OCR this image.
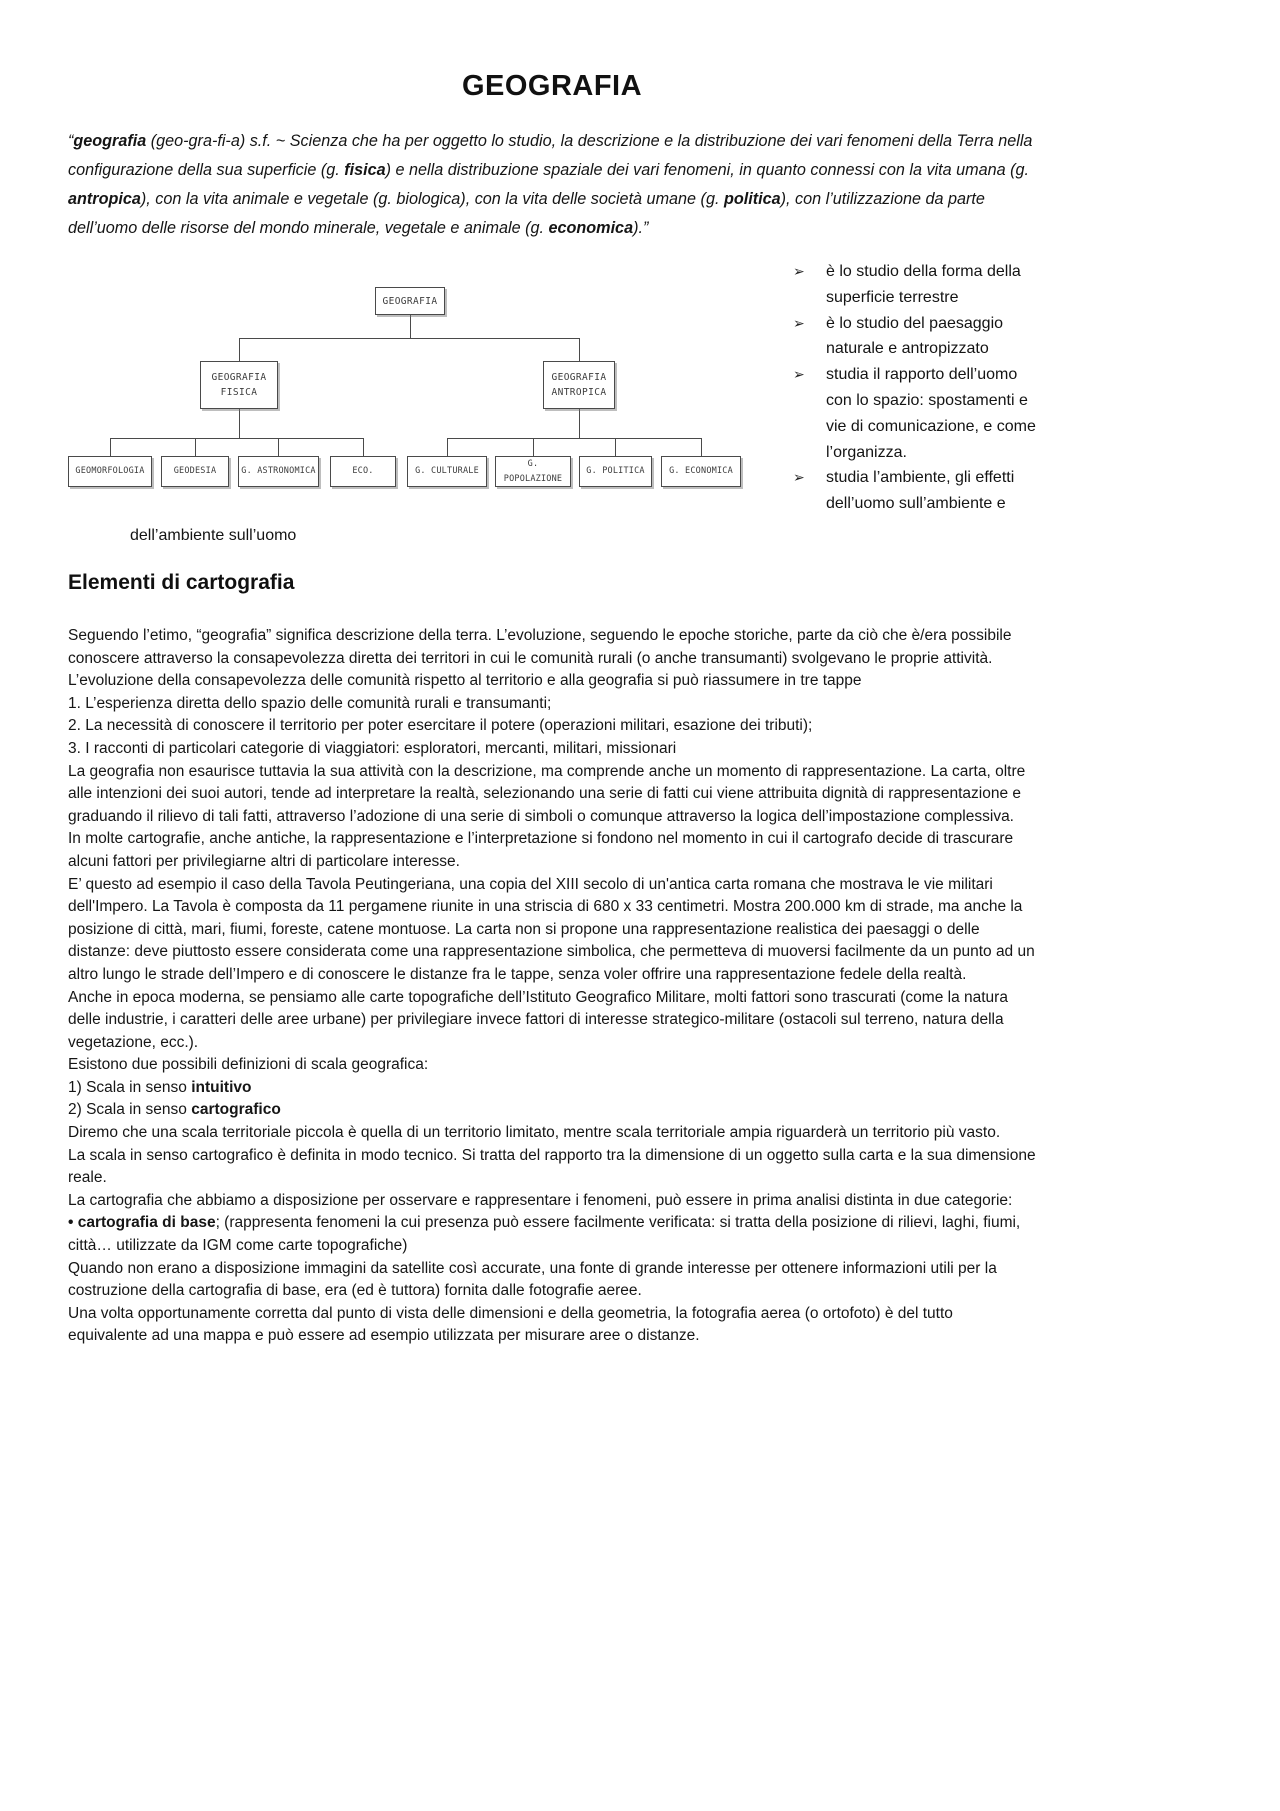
GEOGRAFIA

“geografia (geo-gra-fi-a) s.f. ~ Scienza che ha per oggetto lo studio, la descrizione e la distribuzione dei vari fenomeni della Terra nella configurazione della sua superficie (g. fisica) e nella distribuzione spaziale dei vari fenomeni, in quanto connessi con la vita umana (g. antropica), con la vita animale e vegetale (g. biologica), con la vita delle società umane (g. politica), con l’utilizzazione da parte dell’uomo delle risorse del mondo minerale, vegetale e animale (g. economica).”

GEOGRAFIA
GEOGRAFIA
FISICA
GEOGRAFIA
ANTROPICA
GEOMORFOLOGIA	GEODESIA	G. ASTRONOMICA	ECO.	G. CULTURALE
G. POPOLAZIONE
G. POLITICA	G. ECONOMICA
➢	è lo studio della forma della superficie terrestre
➢	è lo studio del paesaggio naturale e antropizzato
➢	studia il rapporto dell’uomo con lo spazio: spostamenti e vie di comunicazione, e come l’organizza.
➢	studia l’ambiente, gli effetti dell’uomo sull’ambiente e

dell’ambiente sull’uomo

Elementi di cartografia

Seguendo l’etimo, “geografia” significa descrizione della terra. L’evoluzione, seguendo le epoche storiche, parte da ciò che è/era possibile conoscere attraverso la consapevolezza diretta dei territori in cui le comunità rurali (o anche transumanti) svolgevano le proprie attività.

L’evoluzione della consapevolezza delle comunità rispetto al territorio e alla geografia si può riassumere in tre tappe

1. L’esperienza diretta dello spazio delle comunità rurali e transumanti;

2. La necessità di conoscere il territorio per poter esercitare il potere (operazioni militari, esazione dei tributi);

3. I racconti di particolari categorie di viaggiatori: esploratori, mercanti, militari, missionari

La geografia non esaurisce tuttavia la sua attività con la descrizione, ma comprende anche un momento di rappresentazione. La carta, oltre alle intenzioni dei suoi autori, tende ad interpretare la realtà, selezionando una serie di fatti cui viene attribuita dignità di rappresentazione e graduando il rilievo di tali fatti, attraverso l’adozione di una serie di simboli o comunque attraverso la logica dell’impostazione complessiva.

In molte cartografie, anche antiche, la rappresentazione e l’interpretazione si fondono nel momento in cui il cartografo decide di trascurare alcuni fattori per privilegiarne altri di particolare interesse.

E’ questo ad esempio il caso della Tavola Peutingeriana, una copia del XIII secolo di un'antica carta romana che mostrava le vie militari dell'Impero. La Tavola è composta da 11 pergamene riunite in una striscia di 680 x 33 centimetri. Mostra 200.000 km di strade, ma anche la posizione di città, mari, fiumi, foreste, catene montuose. La carta non si propone una rappresentazione realistica dei paesaggi o delle distanze: deve piuttosto essere considerata come una rappresentazione simbolica, che permetteva di muoversi facilmente da un punto ad un altro lungo le strade dell’Impero e di conoscere le distanze fra le tappe, senza voler offrire una rappresentazione fedele della realtà.

Anche in epoca moderna, se pensiamo alle carte topografiche dell’Istituto Geografico Militare, molti fattori sono trascurati (come la natura delle industrie, i caratteri delle aree urbane) per privilegiare invece fattori di interesse strategico-militare (ostacoli sul terreno, natura della vegetazione, ecc.).

Esistono due possibili definizioni di scala geografica:

1) Scala in senso intuitivo

2) Scala in senso cartografico

Diremo che una scala territoriale piccola è quella di un territorio limitato, mentre scala territoriale ampia riguarderà un territorio più vasto.

La scala in senso cartografico è definita in modo tecnico. Si tratta del rapporto tra la dimensione di un oggetto sulla carta e la sua dimensione reale.

La cartografia che abbiamo a disposizione per osservare e rappresentare i fenomeni, può essere in prima analisi distinta in due categorie:

• cartografia di base; (rappresenta fenomeni la cui presenza può essere facilmente verificata: si tratta della posizione di rilievi, laghi, fiumi, città… utilizzate da IGM come carte topografiche)

Quando non erano a disposizione immagini da satellite così accurate, una fonte di grande interesse per ottenere informazioni utili per la costruzione della cartografia di base, era (ed è tuttora) fornita dalle fotografie aeree.

Una volta opportunamente corretta dal punto di vista delle dimensioni e della geometria, la fotografia aerea (o ortofoto) è del tutto equivalente ad una mappa e può essere ad esempio utilizzata per misurare aree o distanze.
